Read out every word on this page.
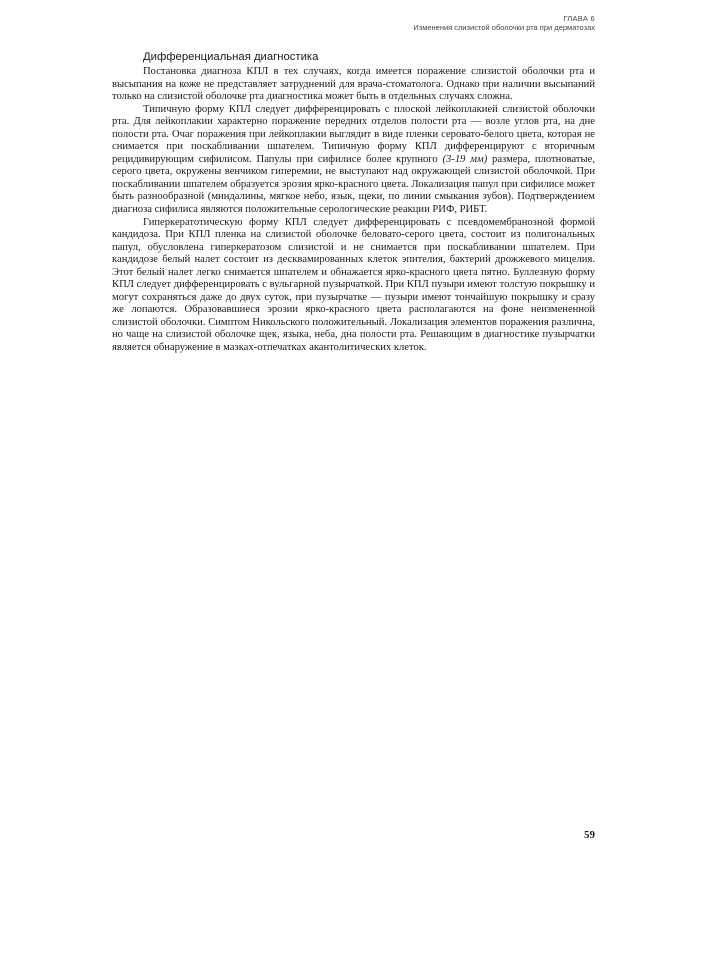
ГЛАВА 6
Изменения слизистой оболочки рта при дерматозах
Дифференциальная диагностика

Постановка диагноза КПЛ в тех случаях, когда имеется поражение слизистой оболочки рта и высыпания на коже не представляет затруднений для врача-стоматолога. Однако при наличии высыпаний только на слизистой оболочке рта диагностика может быть в отдельных случаях сложна.

Типичную форму КПЛ следует дифференцировать с плоской лейкоплакией слизистой оболочки рта. Для лейкоплакии характерно поражение передних отделов полости рта — возле углов рта, на дне полости рта. Очаг поражения при лейкоплакии выглядит в виде пленки серовато-белого цвета, которая не снимается при поскабливании шпателем. Типичную форму КПЛ дифференцируют с вторичным рецидивирующим сифилисом. Папулы при сифилисе более крупного (3-19 мм) размера, плотноватые, серого цвета, окружены венчиком гиперемии, не выступают над окружающей слизистой оболочкой. При поскабливании шпателем образуется эрозия ярко-красного цвета. Локализация папул при сифилисе может быть разнообразной (миндалины, мягкое небо, язык, щеки, по линии смыкания зубов). Подтверждением диагноза сифилиса являются положительные серологические реакции РИФ, РИБТ.

Гиперкератотическую форму КПЛ следует дифференцировать с псевдомембранозной формой кандидоза. При КПЛ пленка на слизистой оболочке беловато-серого цвета, состоит из полигональных папул, обусловлена гиперкератозом слизистой и не снимается при поскабливании шпателем. При кандидозе белый налет состоит из десквамированных клеток эпителия, бактерий дрожжевого мицелия. Этот белый налет легко снимается шпателем и обнажается ярко-красного цвета пятно. Буллезную форму КПЛ следует дифференцировать с вульгарной пузырчаткой. При КПЛ пузыри имеют толстую покрышку и могут сохраняться даже до двух суток, при пузырчатке — пузыри имеют тончайшую покрышку и сразу же лопаются. Образовавшиеся эрозии ярко-красного цвета располагаются на фоне неизмененной слизистой оболочки. Симптом Никольского положительный. Локализация элементов поражения различна, но чаще на слизистой оболочке щек, языка, неба, дна полости рта. Решающим в диагностике пузырчатки является обнаружение в мазках-отпечатках акантолитических клеток.

59
